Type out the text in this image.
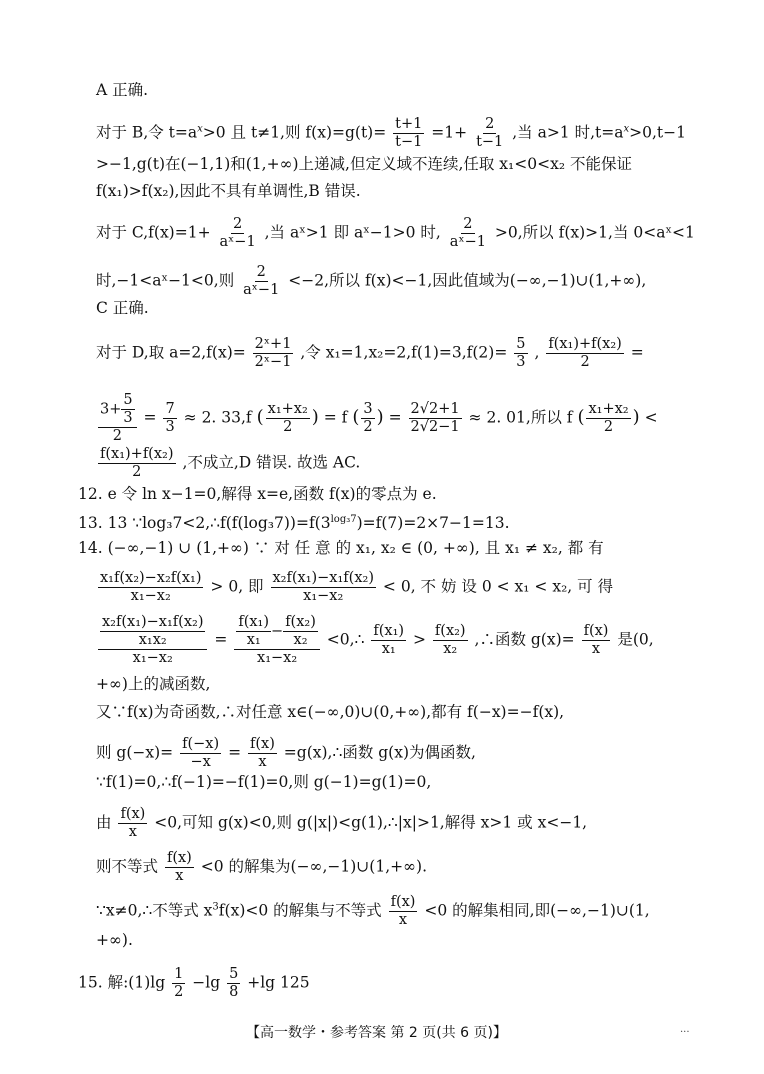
A 正确.
对于 B,令 $t=a^x>0$ 且 t≠1,则 $f(x)=g(t)= \frac{t+1}{t-1} =1+ \frac{2}{t-1}$ ,当 a>1 时$,t=a^x>0,t-1$
>−1,g(t)在(−1,1)和(1,+∞)上递减,但定义域不连续,任取 x₁<0<x₂ 不能保证
f(x₁)>f(x₂),因此不具有单调性,B 错误.
对于 $C,f(x)=1+ \frac{2}{\text{aˣ−1}}$ ,当 aˣ>1 即 aˣ−1>0 时, $\frac{2}{\text{aˣ−1}} >0$,所以 f(x)>1,当 0<aˣ<1
时,−1<aˣ−1<0,则 $\frac{2}{\text{aˣ−1}} <-2$,所以 f(x)<−1,因此值域为(−∞,−1)∪(1,+∞),
C 正确.
对于 D,取 $a=2,f(x)= \frac{\text{2ˣ+1}}{\text{2ˣ−1}}$ ,令 $x_1=1,x_2=2,f(1)=3,f(2)= \frac{5}{3}$ , $\frac{\text{f(x₁)+f(x₂)}}{2}$ =
$\frac{3+ \frac{5}{3}}{2} = \frac{7}{3} \approx 2$. 33,f ( $\frac{\text{x₁+x₂}}{2}$ ) = f ( $\frac{3}{2}$ ) = $\frac{2√2+1}{2√2-1} \approx 2$. 01,所以 f ( $\frac{\text{x₁+x₂}}{2}$ ) <
$\frac{\text{f(x₁)+f(x₂)}}{2}$ ,不成立,D 错误. 故选 AC.
12. e 令 ln x−1=0,解得 x=e,函数 f(x)的零点为 e.
13. 13 $\because\log_37<2,\therefore f(f(\log_37))=f(3^{log_37})=f(7)=2\times 7-1=13$.
14. (−∞,−1) ∪ (1,+∞) ∵ 对 任 意 的 x₁, x₂ ∈ (0, +∞), 且 x₁ ≠ x₂, 都 有
$\frac{\text{x₁f(x₂)−x₂f(x₁)}}{\text{x₁−x₂}} > 0$, 即 $\frac{\text{x₂f(x₁)−x₁f(x₂)}}{\text{x₁−x₂}} < 0$, 不 妨 设 0 < x₁ < x₂, 可 得
$\frac{\frac{\text{x₂f(x₁)−x₁f(x₂)}}{\text{x₁x₂}}}{\text{x₁−x₂}} = \frac{\frac{\text{f(x₁)}}{\text{x₁}} - \frac{\text{f(x₂)}}{\text{x₂}}}{\text{x₁−x₂}}$ <0,∴ $\frac{\text{f(x₁)}}{\text{x₁}} > \frac{\text{f(x₂)}}{\text{x₂}}$ ,∴函数 $g(x)= \frac{f(x)}{x}$ 是(0,
+∞)上的减函数,
又∵f(x)为奇函数,∴对任意 x∈(−∞,0)∪(0,+∞),都有 f(−x)=−f(x),
则 $g(-x)= \frac{f(-x)}{-x} = \frac{f(x)}{x}$ =g(x),∴函数 g(x)为偶函数,
∵f(1)=0,∴f(−1)=−f(1)=0,则 g(−1)=g(1)=0,
由 $\frac{f(x)}{x} <0$,可知 g(x)<0,则 g(|x|)<g(1),∴|x|>1,解得 x>1 或 x<−1,
则不等式 $\frac{f(x)}{x} <0$ 的解集为(−∞,−1)∪(1,+∞).
∵x≠0,∴不等式 $x^3f(x)<0$ 的解集与不等式 $\frac{f(x)}{x} <0$ 的解集相同,即(−∞,−1)∪(1,
+∞).
15. 解:(1)lg $\frac{1}{2} -\lg \frac{5}{8} +\lg$ 125
【高一数学・参考答案 第 2 页(共 6 页)】	...
